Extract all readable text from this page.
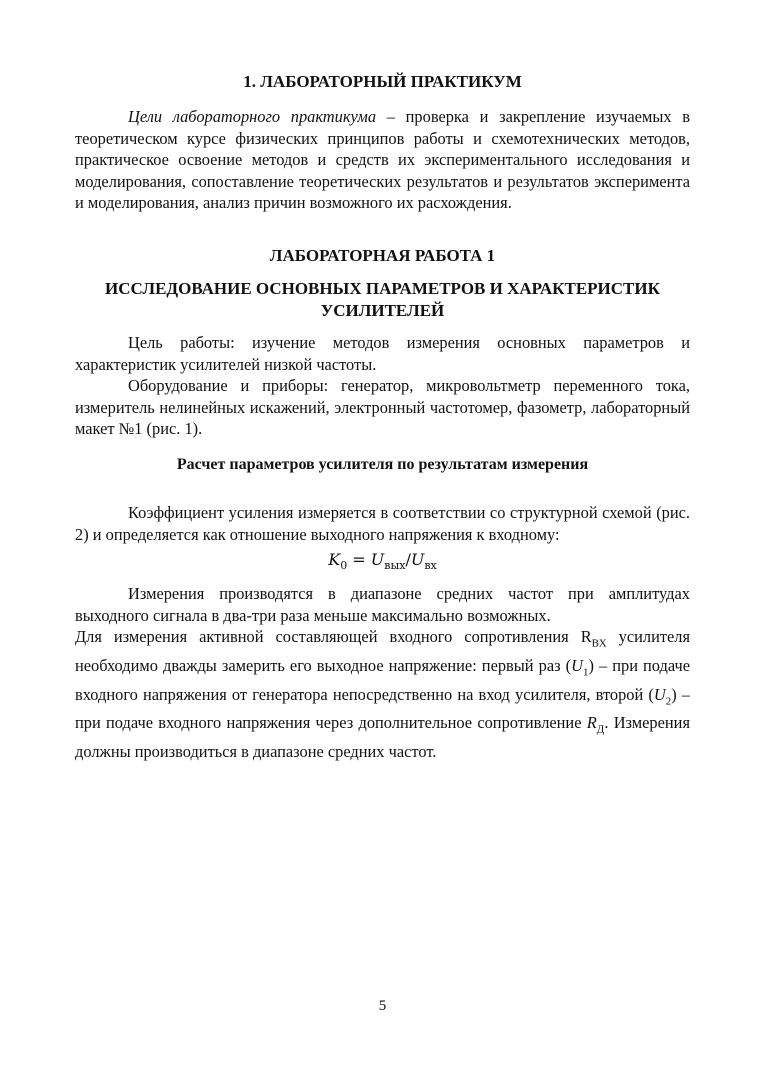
1. ЛАБОРАТОРНЫЙ ПРАКТИКУМ

Цели лабораторного практикума – проверка и закрепление изучаемых в теоретическом курсе физических принципов работы и схемотехнических методов, практическое освоение методов и средств их экспериментального исследования и моделирования, сопоставление теоретических результатов и результатов эксперимента и моделирования, анализ причин возможного их расхождения.

ЛАБОРАТОРНАЯ РАБОТА 1
ИССЛЕДОВАНИЕ ОСНОВНЫХ ПАРАМЕТРОВ И ХАРАКТЕРИСТИК УСИЛИТЕЛЕЙ

Цель работы: изучение методов измерения основных параметров и характеристик усилителей низкой частоты.

Оборудование и приборы: генератор, микровольтметр переменного тока, измеритель нелинейных искажений, электронный частотомер, фазометр, лабораторный макет №1 (рис. 1).

Расчет параметров усилителя по результатам измерения

Коэффициент усиления измеряется в соответствии со структурной схемой (рис. 2) и определяется как отношение выходного напряжения к входному:

$K_0 = U_{вых}/U_{вх}$

Измерения производятся в диапазоне средних частот при амплитудах выходного сигнала в два-три раза меньше максимально возможных.

Для измерения активной составляющей входного сопротивления $R_{ВХ}$ усилителя необходимо дважды замерить его выходное напряжение: первый раз $(U_1)$ – при подаче входного напряжения от генератора непосредственно на вход усилителя, второй $(U_2)$ – при подаче входного напряжения через дополнительное сопротивление $R_Д$. Измерения должны производиться в диапазоне средних частот.

5
